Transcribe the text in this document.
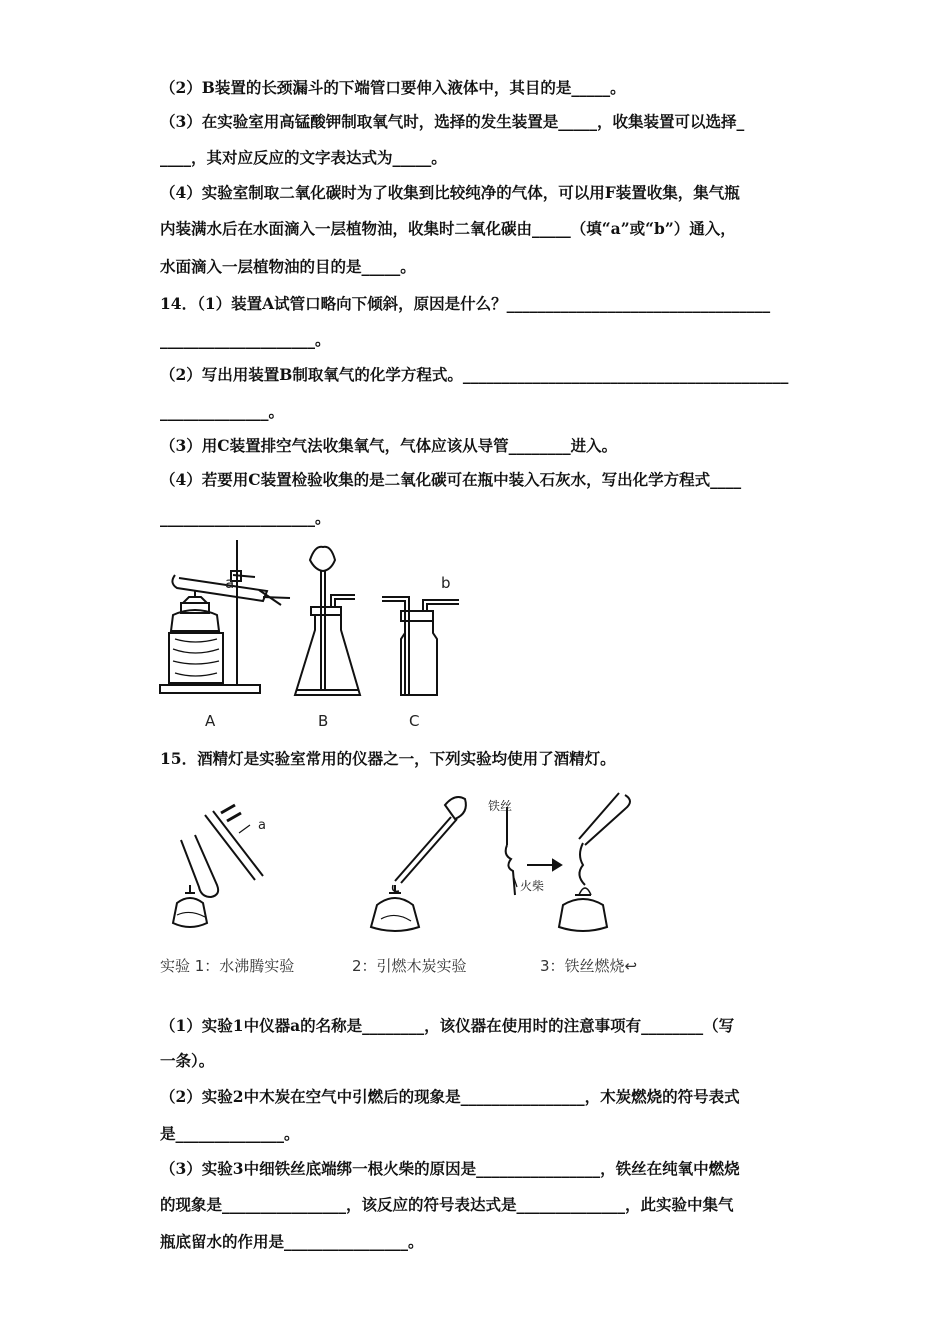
（2）B装置的长颈漏斗的下端管口要伸入液体中，其目的是_____。
（3）在实验室用高锰酸钾制取氧气时，选择的发生装置是_____，收集装置可以选择_
____，其对应反应的文字表达式为_____。
（4）实验室制取二氧化碳时为了收集到比较纯净的气体，可以用F装置收集，集气瓶
内装满水后在水面滴入一层植物油，收集时二氧化碳由_____（填“a”或“b”）通入，
水面滴入一层植物油的目的是_____。
14．（1）装置A试管口略向下倾斜，原因是什么？__________________________________
____________________。
（2）写出用装置B制取氧气的化学方程式。__________________________________________
______________。
（3）用C装置排空气法收集氧气，气体应该从导管________进入。
（4）若要用C装置检验收集的是二氧化碳可在瓶中装入石灰水，写出化学方程式____
____________________。
15．酒精灯是实验室常用的仪器之一，下列实验均使用了酒精灯。
（1）实验1中仪器a的名称是________，该仪器在使用时的注意事项有________（写
一条）。
（2）实验2中木炭在空气中引燃后的现象是________________，木炭燃烧的符号表式
是______________。
（3）实验3中细铁丝底端绑一根火柴的原因是________________，铁丝在纯氧中燃烧
的现象是________________，该反应的符号表达式是______________，此实验中集气
瓶底留水的作用是________________。
a	b
A	B	C
a
铁丝
火柴
实验 1：水沸腾实验	2：引燃木炭实验	3：铁丝燃烧↩
